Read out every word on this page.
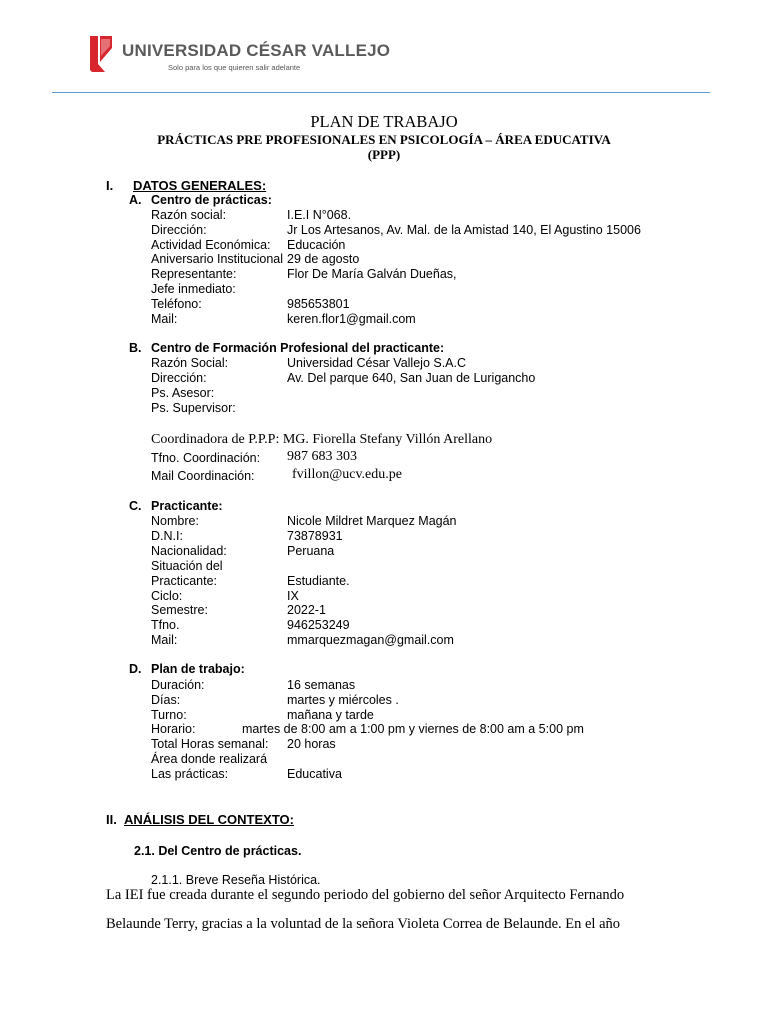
UNIVERSIDAD CÉSAR VALLEJO
Solo para los que quieren salir adelante
PLAN DE TRABAJO
PRÁCTICAS PRE PROFESIONALES EN PSICOLOGÍA – ÁREA EDUCATIVA
(PPP)
I. DATOS GENERALES:
A. Centro de prácticas:
Razón social:	I.E.I N°068.
Dirección:	Jr Los Artesanos, Av. Mal. de la Amistad 140, El Agustino 15006
Actividad Económica: Educación
Aniversario Institucional 29 de agosto
Representante:	Flor De María Galván Dueñas,
Jefe inmediato:
Teléfono:	985653801
Mail:	keren.flor1@gmail.com
B. Centro de Formación Profesional del practicante:
Razón Social:	Universidad César Vallejo S.A.C
Dirección:	Av. Del parque 640, San Juan de Lurigancho
Ps. Asesor:
Ps. Supervisor:
Coordinadora de P.P.P: MG. Fiorella Stefany Villón Arellano
Tfno. Coordinación: 987 683 303
Mail Coordinación:	fvillon@ucv.edu.pe
C. Practicante:
Nombre:	Nicole Mildret Marquez Magán
D.N.I:	73878931
Nacionalidad:	Peruana
Situación del
Practicante:	Estudiante.
Ciclo:	IX
Semestre:	2022-1
Tfno.	946253249
Mail:	mmarquezmagan@gmail.com
D. Plan de trabajo:
Duración:	16 semanas
Días:	martes y miércoles .
Turno:	mañana y tarde
Horario:	martes de 8:00 am a 1:00 pm y viernes de 8:00 am a 5:00 pm
Total Horas semanal: 20 horas
Área donde realizará
Las prácticas:	Educativa
II. ANÁLISIS DEL CONTEXTO:
2.1. Del Centro de prácticas.
2.1.1. Breve Reseña Histórica.
La IEI fue creada durante el segundo periodo del gobierno del señor Arquitecto Fernando
Belaunde Terry, gracias a la voluntad de la señora Violeta Correa de Belaunde. En el año
